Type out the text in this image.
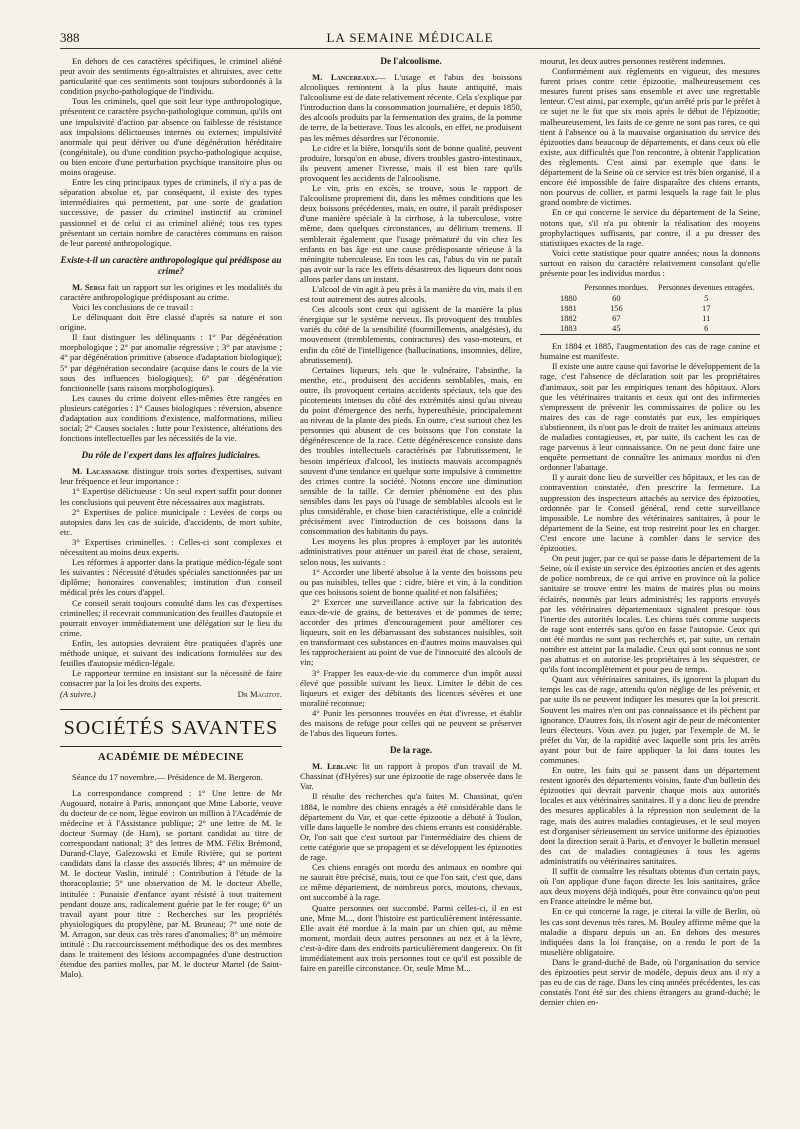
388	LA SEMAINE MÉDICALE

En dehors de ces caractères spécifiques, le criminel aliéné peut avoir des sentiments égo-altruistes et altruistes, avec cette particularité que ces sentiments sont toujours subordonnés à la condition psycho-pathologique de l'individu.

Tous les criminels, quel que soit leur type anthropologique, présentent ce caractère psycho-pathologique commun, qu'ils ont une impulsivité d'action par absence ou faiblesse de résistance aux impulsions délictueuses internes ou externes; impulsivité anormale qui peut dériver ou d'une dégénération héréditaire (congénitale), ou d'une condition psycho-pathologique acquise, ou bien encore d'une perturbation psychique transitoire plus ou moins orageuse.

Entre les cinq principaux types de criminels, il n'y a pas de séparation absolue et, par conséquent, il existe des types intermédiaires qui permettent, par une sorte de gradation successive, de passer du criminel instinctif au criminel passionnel et de celui ci au criminel aliéné; tous ces types présentant un certain nombre de caractères communs en raison de leur parenté anthropologique.

Existe-t-il un caractère anthropologique qui prédispose au crime?

M. Sergi fait un rapport sur les origines et les modalités du caractère anthropologique prédisposant au crime.

Voici les conclusions de ce travail :

Le délinquant doit être classé d'après sa nature et son origine.

Il faut distinguer les délinquants : 1° Par dégénération morphologique ; 2° par anomalie régressive ; 3° par atavisme ; 4° par dégénération primitive (absence d'adaptation biologique); 5° par dégénération secondaire (acquise dans le cours de la vie sous des influences biologiques); 6° par dégénération fonctionnelle (sans raisons morphologiques).

Les causes du crime doivent elles-mêmes être rangées en plusieurs catégories : 1° Causes biologiques : réversion, absence d'adaptation aux conditions d'existence, malformations, milieu social; 2° Causes sociales : lutte pour l'existence, altérations des fonctions intellectuelles par les nécessités de la vie.

Du rôle de l'expert dans les affaires judiciaires.

M. Lacassagne distingue trois sortes d'expertises, suivant leur fréquence et leur importance :

1° Expertise délictueuse : Un seul expert suffit pour donner les conclusions qui peuvent être nécessaires aux magistrats.

2° Expertises de police municipale : Levées de corps ou autopsies dans les cas de suicide, d'accidents, de mort subite, etc.

3° Expertises criminelles. : Celles-ci sont complexes et nécessitent au moins deux experts.

Les réformes à apporter dans la pratique médico-légale sont les suivantes : Nécessité d'études spéciales sanctionnées par un diplôme; honoraires convenables; institution d'un conseil médical près les cours d'appel.

Ce conseil serait toujours consulté dans les cas d'expertises criminelles; il recevrait communication des feuilles d'autopsie et pourrait envoyer immédiatement une délégation sur le lieu du crime.

Enfin, les autopsies devraient être pratiquées d'après une méthode unique, et suivant des indications formulées sur des feuilles d'autopsie médico-légale.

Le rapporteur termine en insistant sur la nécessité de faire consacrer par la loi les droits des experts.

(A suivre.)	Dr Magitot.
SOCIÉTÉS SAVANTES
ACADÉMIE DE MÉDECINE
Séance du 17 novembre.— Présidence de M. Bergeron.

La correspondance comprend : 1° Une lettre de Mr Augouard, notaire à Paris, annonçant que Mme Laborie, veuve du docteur de ce nom, lègue environ un million à l'Académie de médecine et à l'Assistance publique; 2° une lettre de M. le docteur Surmay (de Ham), se portant candidat au titre de correspondant national; 3° des lettres de MM. Félix Brémond, Durand-Claye, Galezowski et Emile Rivière, qui se portent candidats dans la classe des associés libres; 4° un mémoire de M. le docteur Vaslin, intitulé : Contribution à l'étude de la thoracoplastie; 5° une observation de M. le docteur Abelle, intitulée : Punaisie d'enfance ayant résisté à tout traitement pendant douze ans, radicalement guérie par le fer rouge; 6° un travail ayant pour titre : Recherches sur les propriétés physiologiques du propylène, par M. Bruneau; 7° une note de M. Arragon, sur deux cas très rares d'anomalies; 8° un mémoire intitulé : Du raccourcissement méthodique des os des membres dans le traitement des lésions accompagnées d'une destruction étendue des parties molles, par M. le docteur Martel (de Saint-Malo).

De l'alcoolisme.

M. Lancereaux.— L'usage et l'abus des boissons alcooliques remontent à la plus haute antiquité, mais l'alcoolisme est de date relativement récente. Cela s'explique par l'introduction dans la consommation journalière, et depuis 1850, des alcools produits par la fermentation des grains, de la pomme de terre, de la betterave. Tous les alcools, en effet, ne produisent pas les mêmes désordres sur l'économie.

Le cidre et la bière, lorsqu'ils sont de bonne qualité, peuvent produire, lorsqu'on en abuse, divers troubles gastro-intestinaux, ils peuvent amener l'ivresse, mais il est bien rare qu'ils provoquent les accidents de l'alcoolisme.

Le vin, pris en excès, se trouve, sous le rapport de l'alcoolisme proprement dit, dans les mêmes conditions que les deux boissons précédentes, mais, en outre, il paraît prédisposer d'une manière spéciale à la cirrhose, à la tuberculose, votre même, dans quelques circonstances, au délirium tremens. Il semblerait également que l'usage prématuré du vin chez les enfants en bas âge est une cause prédisposante sérieuse à la méningite tuberculeuse. En tous les cas, l'abus du vin ne paraît pas avoir sur la race les effets désastreux des liqueurs dont nous allons parler dans un instant.

L'alcool de vin agit à peu près à la manière du vin, mais il en est tout autrement des autres alcools.

Ces alcools sont ceux qui agissent de la manière la plus énergique sur le système nerveux. Ils provoquent des troubles variés du côté de la sensibilité (fourmillements, analgésies), du mouvement (tremblements, contractures) des vaso-moteurs, et enfin du côté de l'intelligence (hallucinations, insomnies, délire, abrutissement).

Certaines liqueurs, tels que le vulnéraire, l'absinthe, la menthe, etc., produisent des accidents semblables, mais, en outre, ils provoquent certains accidents spéciaux, tels que des picotements intenses du côté des extrémités ainsi qu'au niveau du point d'émergence des nerfs, hyperesthésie, principalement au niveau de la plante des pieds. En outre, c'est surtout chez les personnes qui abusent de ces boissons que l'on constate la dégénérescence de la race. Cette dégénérescence consiste dans des troubles intellectuels caractérisés par l'abrutissement, le besoin impérieux d'alcool, les instincts mauvais accompagnés souvent d'une tendance en quelque sorte impulsive à commettre des crimes contre la société. Notons encore une diminution sensible de la taille. Ce dernier phénomène est des plus sensibles dans les pays où l'usage de semblables alcools est le plus considérable, et chose bien caractéristique, elle a coïncidé précisément avec l'introduction de ces boissons dans la consommation des habitants du pays.

Les moyens les plus propres à employer par les autorités administratives pour atténuer un pareil état de chose, seraient, selon nous, les suivants :

1° Accorder une liberté absolue à la vente des boissons peu ou pas nuisibles, telles que : cidre, bière et vin, à la condition que ces boissons soient de bonne qualité et non falsifiées;

2° Exercer une surveillance active sur la fabrication des eaux-de-vie de grains, de betteraves et de pommes de terre; accorder des primes d'encouragement pour améliorer ces liqueurs, soit en les débarrassant des substances nuisibles, soit en transformant ces substances en d'autres moins mauvaises qui les rapprocheraient au point de vue de l'innocuité des alcools de vin;

3° Frapper les eaux-de-vie du commerce d'un impôt aussi élevé que possible suivant les lieux. Limiter le débit de ces liqueurs et exiger des débitants des licences sévères et une moralité reconnue;

4° Punir les personnes trouvées en état d'ivresse, et établir des maisons de refuge pour celles qui ne peuvent se préserver de l'abus des liqueurs fortes.

De la rage.

M. Leblanc lit un rapport à propos d'un travail de M. Chassinat (d'Hyères) sur une épizootie de rage observée dans le Var.

Il résulte des recherches qu'a faites M. Chassinat, qu'en 1884, le nombre des chiens enragés a été considérable dans le département du Var, et que cette épizootie a débuté à Toulon, ville dans laquelle le nombre des chiens errants est considérable. Or, l'on sait que c'est surtout par l'intermédiaire des chiens de cette catégorie que se propagent et se développent les épizooties de rage.

Ces chiens enragés ont mordu des animaux en nombre qui ne saurait être précisé, mais, tout ce que l'on sait, c'est que, dans ce même département, de nombreux porcs, moutons, chevaux, ont succombé à la rage.

Quatre personnes ont succombé. Parmi celles-ci, il en est une, Mme M..., dont l'histoire est particulièrement intéressante. Elle avait été mordue à la main par un chien qui, au même moment, mordait deux autres personnes au nez et à la lèvre, c'est-à-dire dans des endroits particulièrement dangereux. On fit immédiatement aux trois personnes tout ce qu'il est possible de faire en pareille circonstance. Or, seule Mme M...

mourut, les deux autres personnes restèrent indemnes.

Conformément aux règlements en vigueur, des mesures furent prises contre cette épizootie, malheureusement ces mesures furent prises sans ensemble et avec une regrettable lenteur. C'est ainsi, par exemple, qu'un arrêté pris par le préfet à ce sujet ne le fut que six mois après le début de l'épizootie; malheureusement, les faits de ce genre ne sont pas rares, ce qui tient à l'absence ou à la mauvaise organisation du service des épizooties dans beaucoup de départements, et dans ceux où elle existe, aux difficultés que l'on rencontre, à obtenir l'application des règlements. C'est ainsi par exemple que dans le département de la Seine où ce service est très bien organisé, il a encore été impossible de faire disparaître des chiens errants, non pourvus de collier, et parmi lesquels la rage fait le plus grand nombre de victimes.

En ce qui concerne le service du département de la Seine, notons que, s'il n'a pu obtenir la réalisation des moyens prophylactiques suffisants, par contre, il a pu dresser des statistiques exactes de la rage.

Voici cette statistique pour quatre années; nous la donnons surtout en raison du caractère relativement consolant qu'elle présente pour les individus mordus :

	Personnes mordues.	Personnes devenues enragées.
1880	60	5
1881	156	17
1882	67	11
1883	45	6

En 1884 et 1885, l'augmentation des cas de rage canine et humaine est manifeste.

Il existe une autre cause qui favorise le développement de la rage, c'est l'absence de déclaration soit par les propriétaires d'animaux, soit par les empiriques tenant des hôpitaux. Alors que les vétérinaires traitants et ceux qui ont des infirmeries s'empressent de prévenir les commissaires de police ou les maires des cas de rage constatés par eux, les empiriques s'abstiennent, ils n'ont pas le droit de traiter les animaux atteints de maladies contagieuses, et, par suite, ils cachent les cas de rage parvenus à leur connaissance. On ne peut donc faire une enquête permettant de connaître les animaux mordus ni d'en ordonner l'abattage.

Il y aurait donc lieu de surveiller ces hôpitaux, et les cas de contravention constatée, d'en prescrire la fermeture. La suppression des inspecteurs attachés au service des épizooties, ordonnée par le Conseil général, rend cette surveillance impossible. Le nombre des vétérinaires sanitaires, à pour le département de la Seine, est trop restreint pour les en charger. C'est encore une lacune à combler dans le service des épizooties.

On peut juger, par ce qui se passe dans le département de la Seine, où il existe un service des épizooties ancien et des agents de police nombreux, de ce qui arrive en province où la police sanitaire se trouve entre les mains de maires plus ou moins éclairés, nommés par leurs administrés; les rapports envoyés par les vétérinaires départementaux signalent presque tous l'inertie des autorités locales. Les chiens tués comme suspects de rage sont enterrés sans qu'on en fasse l'autopsie. Ceux qui ont été mordus ne sont pas recherchés et, par suite, un certain nombre est atteint par la maladie. Ceux qui sont connus ne sont pas abattus et on autorise les propriétaires à les séquestrer, ce qu'ils font incomplètement et pour peu de temps.

Quant aux vétérinaires sanitaires, ils ignorent la plupart du temps les cas de rage, attendu qu'on néglige de les prévenir, et par suite ils ne peuvent indiquer les mesures que la loi prescrit. Souvent les maires n'en ont pas connaissance et ils pèchent par ignorance. D'autres fois, ils n'osent agir de peur de mécontenter leurs électeurs. Vous avez pu juger, par l'exemple de M. le préfet du Var, de la rapidité avec laquelle sont pris les arrêts ayant pour but de faire appliquer la loi dans toutes les communes.

En outre, les faits qui se passent dans un département restent ignorés des départements voisins, faute d'un bulletin des épizooties qui devrait parvenir chaque mois aux autorités locales et aux vétérinaires sanitaires. Il y a donc lieu de prendre des mesures applicables à la répression non seulement de la rage, mais des autres maladies contagieuses, et le seul moyen est d'organiser sérieusement un service uniforme des épizooties dont la direction serait à Paris, et d'envoyer le bulletin mensuel des cas de maladies contagieuses à tous les agents administratifs ou vétérinaires sanitaires.

Il suffit de connaître les résultats obtenus d'un certain pays, où l'on applique d'une façon directe les lois sanitaires, grâce aux deux moyens déjà indiqués, pour être convaincu qu'on peut en France atteindre le même but.

En ce qui concerne la rage, je citerai la ville de Berlin, où les cas sont devenus très rares. M. Bouley affirme même que la maladie a disparu depuis un an. En dehors des mesures indiquées dans la loi française, on a rendu le port de la muselière obligatoire.

Dans le grand-duché de Bade, où l'organisation du service des épizooties peut servir de modèle, depuis deux ans il n'y a pas eu de cas de rage. Dans les cinq années précédentes, les cas constatés l'ont été sur des chiens étrangers au grand-duché; le dernier chien en-
